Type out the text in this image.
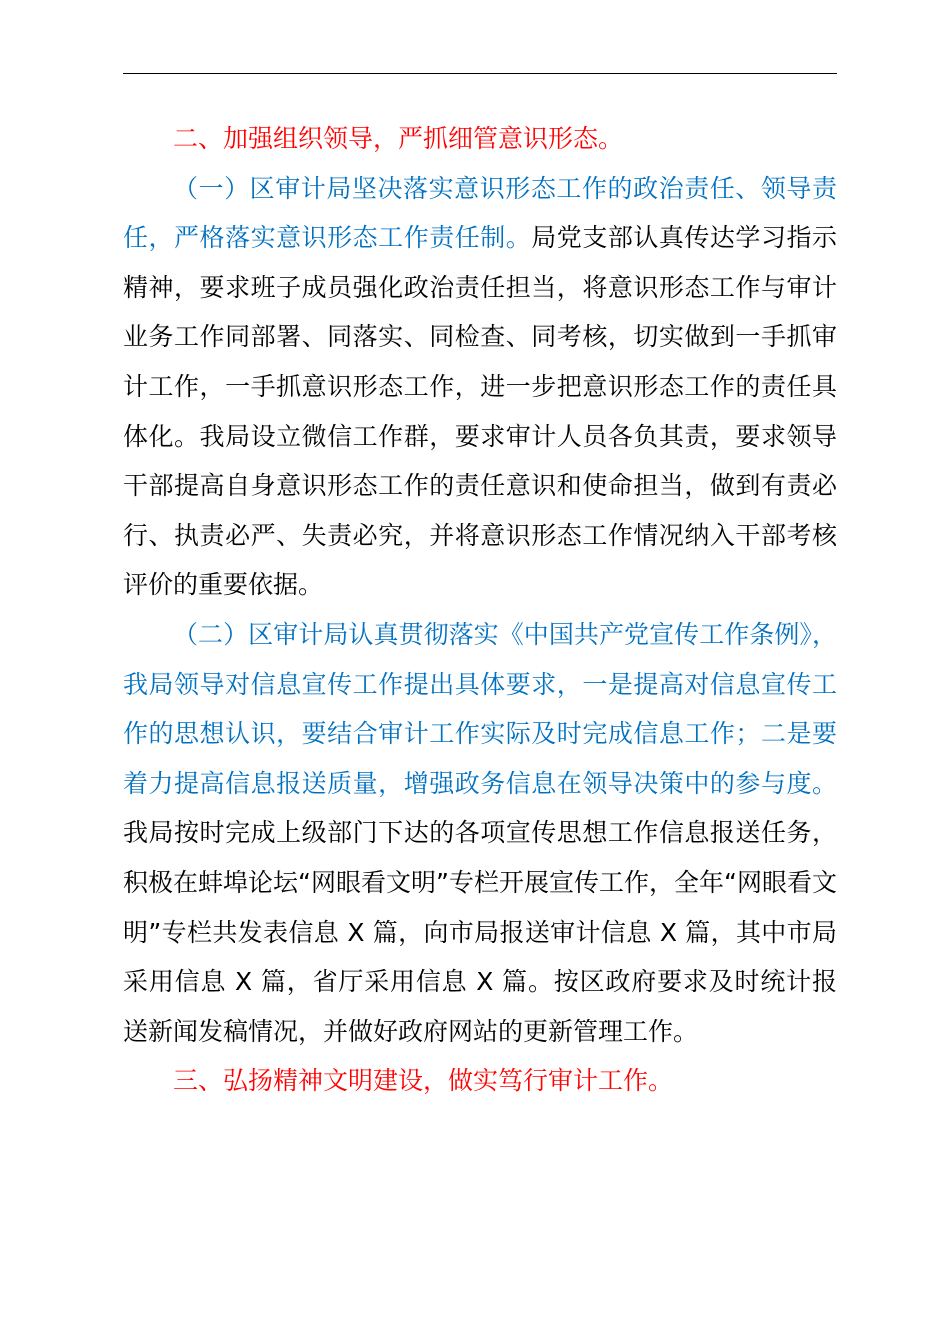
二、加强组织领导，严抓细管意识形态。

（一）区审计局坚决落实意识形态工作的政治责任、领导责任，严格落实意识形态工作责任制。局党支部认真传达学习指示精神，要求班子成员强化政治责任担当，将意识形态工作与审计业务工作同部署、同落实、同检查、同考核，切实做到一手抓审计工作，一手抓意识形态工作，进一步把意识形态工作的责任具体化。我局设立微信工作群，要求审计人员各负其责，要求领导干部提高自身意识形态工作的责任意识和使命担当，做到有责必行、执责必严、失责必究，并将意识形态工作情况纳入干部考核评价的重要依据。

（二）区审计局认真贯彻落实《中国共产党宣传工作条例》，我局领导对信息宣传工作提出具体要求，一是提高对信息宣传工作的思想认识，要结合审计工作实际及时完成信息工作；二是要着力提高信息报送质量，增强政务信息在领导决策中的参与度。我局按时完成上级部门下达的各项宣传思想工作信息报送任务，积极在蚌埠论坛“网眼看文明”专栏开展宣传工作，全年“网眼看文明”专栏共发表信息 X 篇，向市局报送审计信息 X 篇，其中市局采用信息 X 篇，省厅采用信息 X 篇。按区政府要求及时统计报送新闻发稿情况，并做好政府网站的更新管理工作。

三、弘扬精神文明建设，做实笃行审计工作。
